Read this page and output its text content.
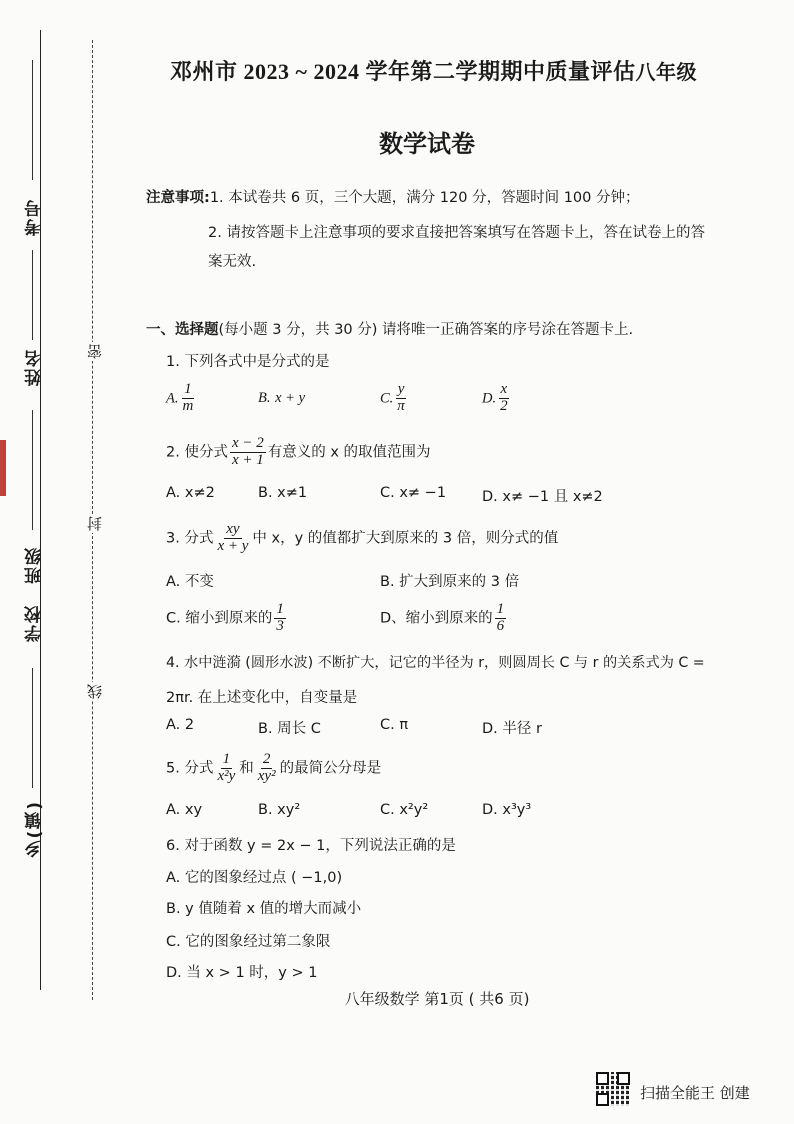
考号
姓名
班级
学校
乡(镇)
密
封
线
邓州市 2023 ~ 2024 学年第二学期期中质量评估八年级
数学试卷
注意事项:1. 本试卷共 6 页，三个大题，满分 120 分，答题时间 100 分钟；
2. 请按答题卡上注意事项的要求直接把答案填写在答题卡上，答在试卷上的答
案无效.
一、选择题(每小题 3 分，共 30 分) 请将唯一正确答案的序号涂在答题卡上.
1. 下列各式中是分式的是
A. $\frac{1}{m}$	B. x + y	C. $\frac{y}{\pi}$	D. $\frac{x}{2}$
2. 使分式 $\frac{x - 2}{x + 1}$ 有意义的 x 的取值范围为
A. x≠2	B. x≠1	C. x≠ −1 D. x≠ −1 且 x≠2
3. 分式 $\frac{xy}{x + y}$ 中 x，y 的值都扩大到原来的 3 倍，则分式的值
A. 不变	B. 扩大到原来的 3 倍
C. 缩小到原来的 $\frac{1}{3}$	D、缩小到原来的 $\frac{1}{6}$
4. 水中涟漪 (圆形水波) 不断扩大，记它的半径为 r，则圆周长 C 与 r 的关系式为 C =
2πr. 在上述变化中，自变量是
A. 2	B. 周长 C	C. π	D. 半径 r
5. 分式 $\frac{1}{\text{x²y}}$ 和 $\frac{2}{\text{xy²}}$ 的最简公分母是
A. xy	B. xy²	C. x²y²	D. x³y³
6. 对于函数 y = 2x − 1，下列说法正确的是
A. 它的图象经过点 ( −1,0)
B. y 值随着 x 值的增大而减小
C. 它的图象经过第二象限
D. 当 x > 1 时，y > 1
八年级数学 第1页 ( 共6 页)
扫描全能王 创建
